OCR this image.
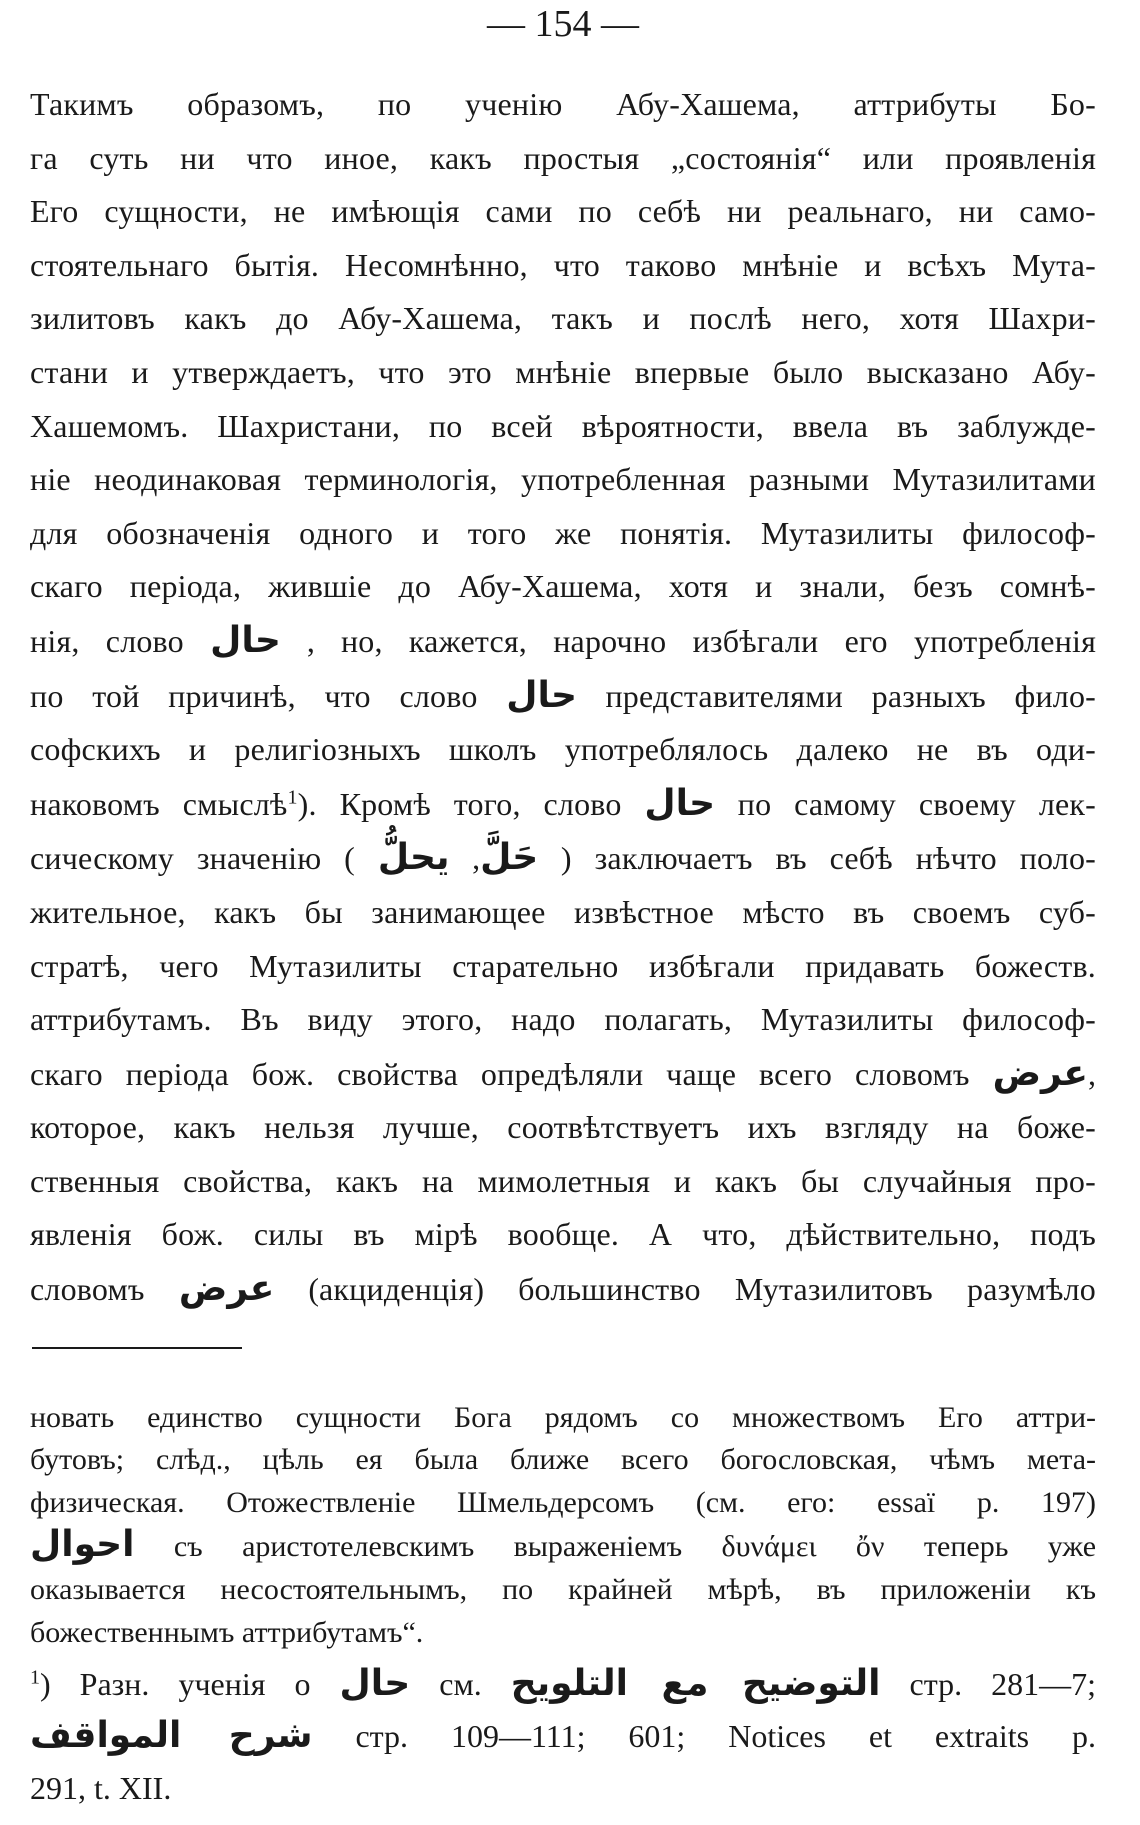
— 154 —
Такимъ образомъ, по ученію Абу-Хашема, аттрибуты Бо-
га суть ни что иное, какъ простыя „состоянія“ или проявленія
Его сущности, не имѣющія сами по себѣ ни реальнаго, ни само-
стоятельнаго бытія. Несомнѣнно, что таково мнѣніе и всѣхъ Мута-
зилитовъ какъ до Абу-Хашема, такъ и послѣ него, хотя Шахри-
стани и утверждаетъ, что это мнѣніе впервые было высказано Абу-
Хашемомъ. Шахристани, по всей вѣроятности, ввела въ заблужде-
ніе неодинаковая терминологія, употребленная разными Мутазилитами
для обозначенія одного и того же понятія. Мутазилиты философ-
скаго періода, жившіе до Абу-Хашема, хотя и знали, безъ сомнѣ-
нія, слово حال , но, кажется, нарочно избѣгали его употребленія
по той причинѣ, что слово حال представителями разныхъ фило-
софскихъ и религіозныхъ школъ употреблялось далеко не въ оди-
наковомъ смыслѣ$^1$). Кромѣ того, слово حال по самому своему лек-
сическому значенію (	حَلَّ, يحلُّ	) заключаетъ въ себѣ нѣчто поло-
жительное, какъ бы занимающее извѣстное мѣсто въ своемъ суб-
стратѣ, чего Мутазилиты старательно избѣгали придавать божеств.
аттрибутамъ. Въ виду этого, надо полагать, Мутазилиты философ-
скаго періода бож. свойства опредѣляли чаще всего словомъ عرض,
которое, какъ нельзя лучше, соотвѣтствуетъ ихъ взгляду на боже-
ственныя свойства, какъ на мимолетныя и какъ бы случайныя про-
явленія бож. силы въ мірѣ вообще. А что, дѣйствительно, подъ
словомъ عرض (акциденція) большинство Мутазилитовъ разумѣло
новать единство сущности Бога рядомъ со множествомъ Его аттри-
бутовъ; слѣд., цѣль ея была ближе всего богословская, чѣмъ мета-
физическая. Отожествленіе Шмельдерсомъ (см. его: essaï p. 197)
احوال съ аристотелевскимъ выраженіемъ δυνάμει ὄν теперь уже
оказывается несостоятельнымъ, по крайней мѣрѣ, въ приложеніи къ
божественнымъ аттрибутамъ“.
$^1$) Разн. ученія о حال см. التوضيح مع التلويح стр. 281—7;
شرح المواقف стр. 109—111; 601; Notices et extraits p.
291, t. XII.
